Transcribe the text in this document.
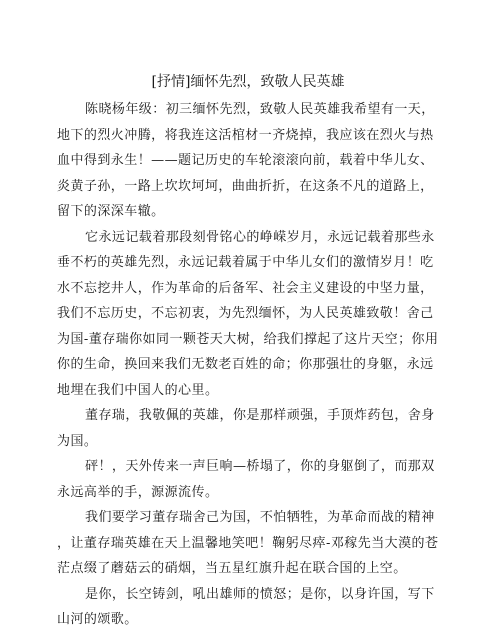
[抒情]缅怀先烈，致敬人民英雄

陈晓杨年级：初三缅怀先烈，致敬人民英雄我希望有一天，地下的烈火冲腾，将我连这活棺材一齐烧掉，我应该在烈火与热血中得到永生！——题记历史的车轮滚滚向前，载着中华儿女、炎黄子孙，一路上坎坎坷坷，曲曲折折，在这条不凡的道路上，留下的深深车辙。

它永远记载着那段刻骨铭心的峥嵘岁月，永远记载着那些永垂不朽的英雄先烈，永远记载着属于中华儿女们的激情岁月！吃水不忘挖井人，作为革命的后备军、社会主义建设的中坚力量，我们不忘历史，不忘初衷，为先烈缅怀，为人民英雄致敬！舍己为国-董存瑞你如同一颗苍天大树，给我们撑起了这片天空；你用你的生命，换回来我们无数老百姓的命；你那强壮的身躯，永远地埋在我们中国人的心里。

董存瑞，我敬佩的英雄，你是那样顽强，手顶炸药包，舍身为国。

砰！，天外传来一声巨响—桥塌了，你的身躯倒了，而那双永远高举的手，源源流传。

我们要学习董存瑞舍己为国，不怕牺牲，为革命而战的精神，让董存瑞英雄在天上温馨地笑吧！鞠躬尽瘁-邓稼先当大漠的苍茫点缀了蘑菇云的硝烟，当五星红旗升起在联合国的上空。

是你，长空铸剑，吼出雄师的愤怒；是你，以身许国，写下山河的颂歌。
